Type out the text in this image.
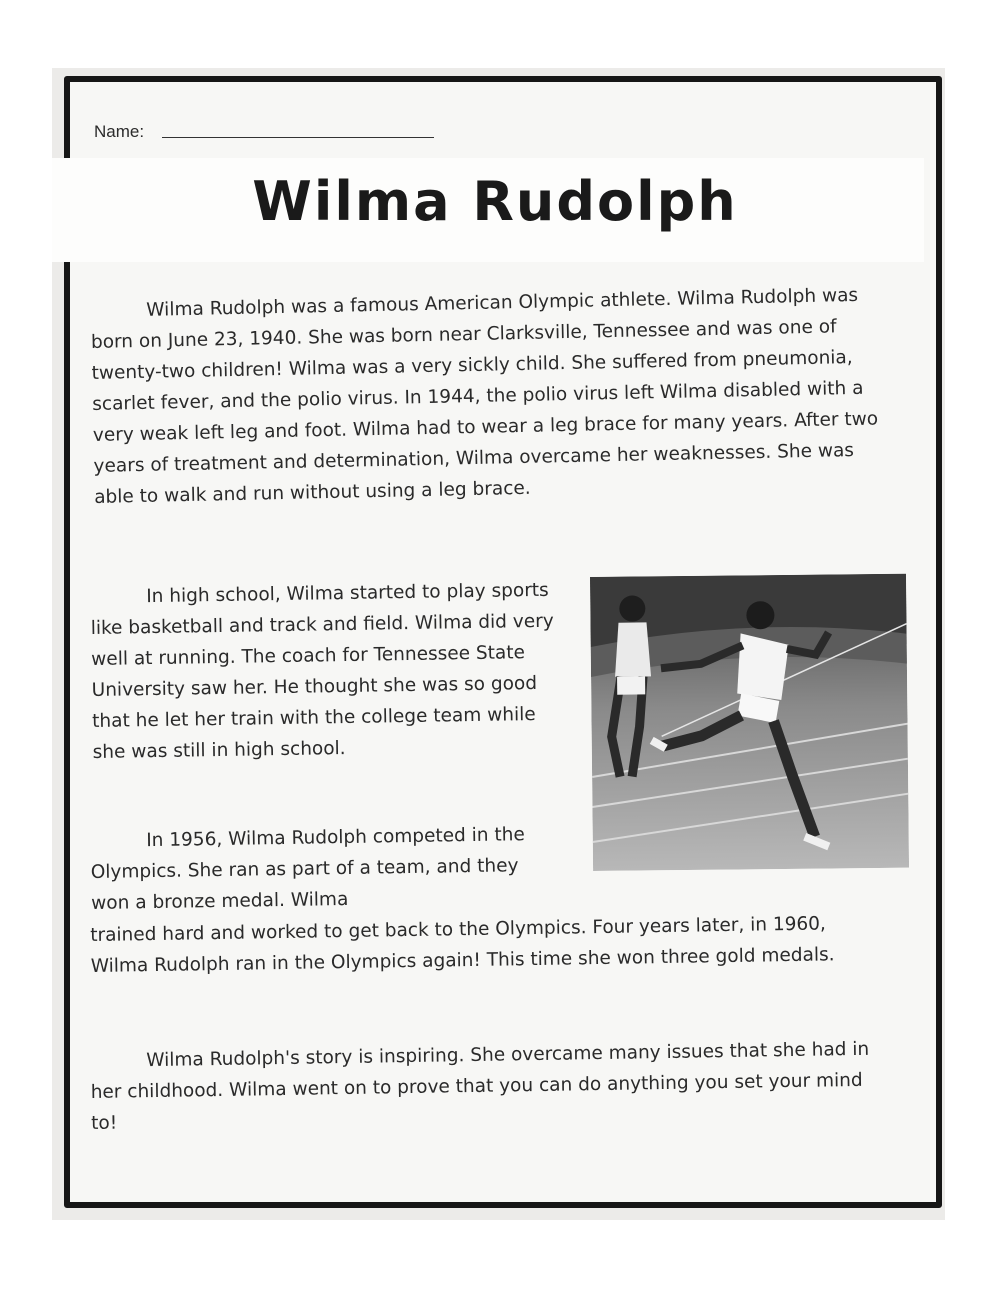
Name:
Wilma Rudolph

Wilma Rudolph was a famous American Olympic athlete. Wilma Rudolph was born on June 23, 1940. She was born near Clarksville, Tennessee and was one of twenty-two children! Wilma was a very sickly child. She suffered from pneumonia, scarlet fever, and the polio virus. In 1944, the polio virus left Wilma disabled with a very weak left leg and foot. Wilma had to wear a leg brace for many years. After two years of treatment and determination, Wilma overcame her weaknesses. She was able to walk and run without using a leg brace.

In high school, Wilma started to play sports like basketball and track and field. Wilma did very well at running. The coach for Tennessee State University saw her. He thought she was so good that he let her train with the college team while she was still in high school.

In 1956, Wilma Rudolph competed in the Olympics. She ran as part of a team, and they won a bronze medal. Wilma

trained hard and worked to get back to the Olympics. Four years later, in 1960, Wilma Rudolph ran in the Olympics again! This time she won three gold medals.

Wilma Rudolph's story is inspiring. She overcame many issues that she had in her childhood. Wilma went on to prove that you can do anything you set your mind to!
